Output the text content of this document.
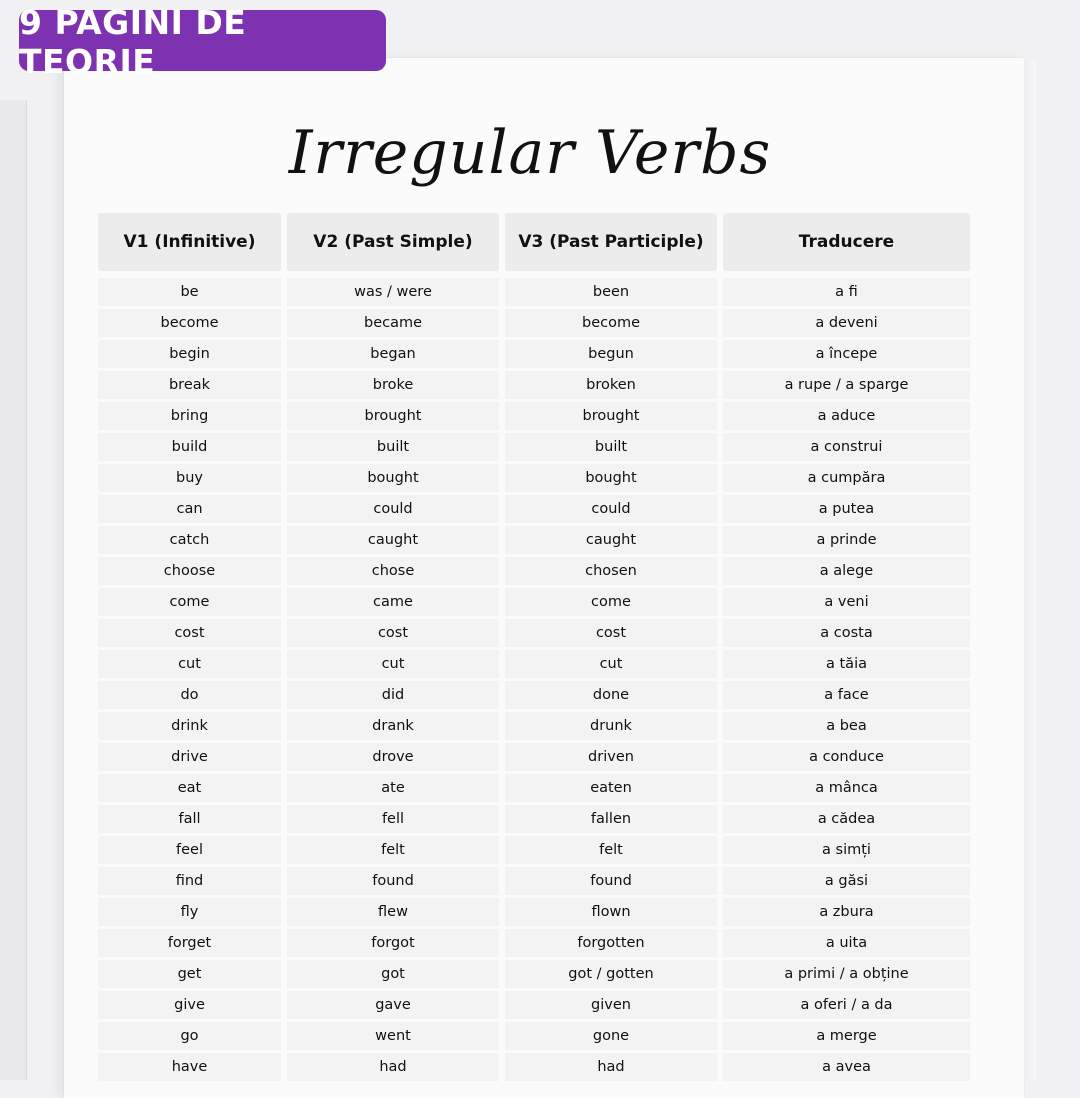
9 PAGINI DE TEORIE
Irregular Verbs
V1 (Infinitive)	V2 (Past Simple)	V3 (Past Participle)	Traducere
be	was / were	been	a fi
become	became	become	a deveni
begin	began	begun	a începe
break	broke	broken	a rupe / a sparge
bring	brought	brought	a aduce
build	built	built	a construi
buy	bought	bought	a cumpăra
can	could	could	a putea
catch	caught	caught	a prinde
choose	chose	chosen	a alege
come	came	come	a veni
cost	cost	cost	a costa
cut	cut	cut	a tăia
do	did	done	a face
drink	drank	drunk	a bea
drive	drove	driven	a conduce
eat	ate	eaten	a mânca
fall	fell	fallen	a cădea
feel	felt	felt	a simți
find	found	found	a găsi
fly	flew	flown	a zbura
forget	forgot	forgotten	a uita
get	got	got / gotten	a primi / a obține
give	gave	given	a oferi / a da
go	went	gone	a merge
have	had	had	a avea
